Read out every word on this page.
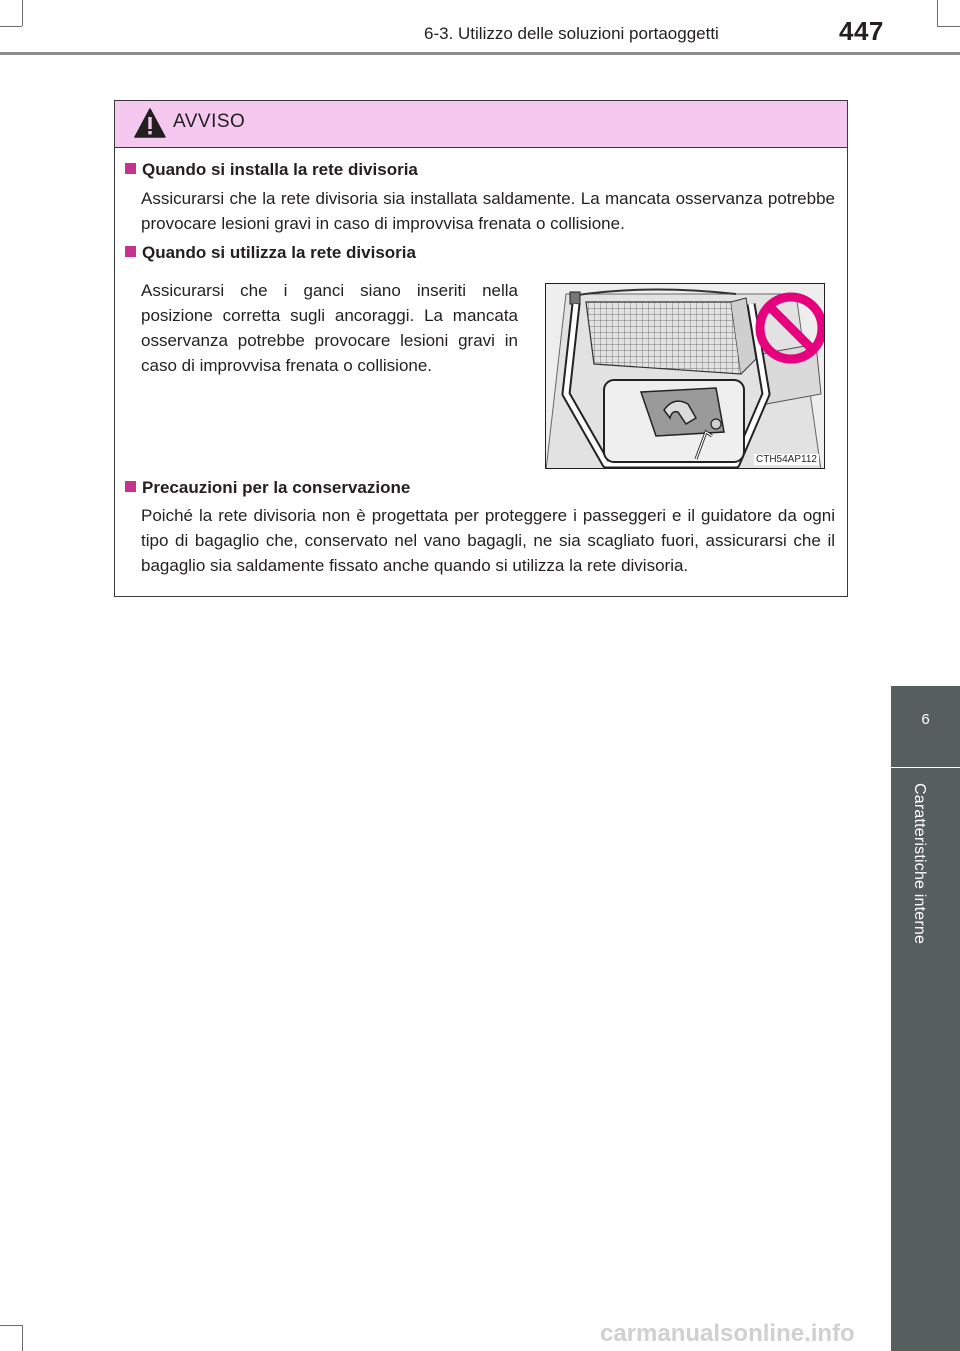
6-3. Utilizzo delle soluzioni portaoggetti	447
AVVISO
Quando si installa la rete divisoria
Assicurarsi che la rete divisoria sia installata saldamente. La mancata osservanza potrebbe provocare lesioni gravi in caso di improvvisa frenata o collisione.
Quando si utilizza la rete divisoria
Assicurarsi che i ganci siano inseriti nella posizione corretta sugli ancoraggi. La mancata osservanza potrebbe provocare lesioni gravi in caso di improvvisa frenata o collisione.
CTH54AP112
Precauzioni per la conservazione
Poiché la rete divisoria non è progettata per proteggere i passeggeri e il guidatore da ogni tipo di bagaglio che, conservato nel vano bagagli, ne sia scagliato fuori, assicurarsi che il bagaglio sia saldamente fissato anche quando si utilizza la rete divisoria.
6
Caratteristiche interne
carmanualsonline.info
